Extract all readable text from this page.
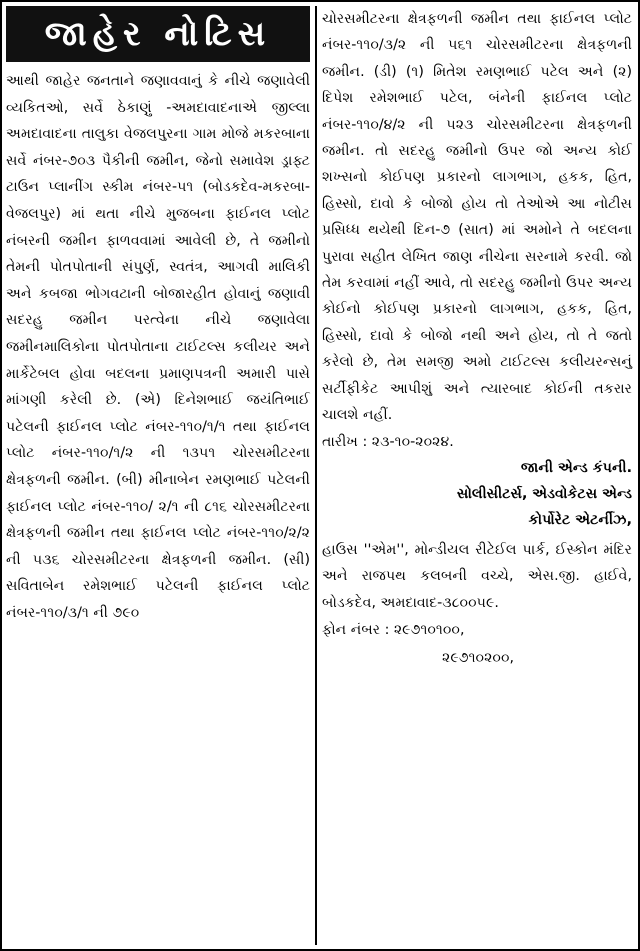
જાહેર નોટિસ

આથી જાહેર જનતાને જણાવવાનું કે નીચે જણાવેલી વ્યકિતઓ, સર્વે ઠેકાણું -અમદાવાદનાએ જીલ્લા અમદાવાદના તાલુકા વેજલપુરના ગામ મોજે મકરબાના સર્વે નંબર-૭૦૩ પૈકીની જમીન, જેનો સમાવેશ ડ્રાફ્ટ ટાઉન પ્લાનીંગ સ્કીમ નંબર-૫૧ (બોડકદેવ-મકરબા-વેજલપુર) માં થતા નીચે મુજબના ફાઈનલ પ્લોટ નંબરની જમીન ફાળવવામાં આવેલી છે, તે જમીનો તેમની પોતપોતાની સંપુર્ણ, સ્વતંત્ર, આગવી માલિકી અને કબજા ભોગવટાની બોજારહીત હોવાનું જણાવી સદરહુ જમીન પરત્વેના નીચે જણાવેલા જમીનમાલિકોના પોતપોતાના ટાઈટલ્સ કલીયર અને માર્કેટેબલ હોવા બદલના પ્રમાણપત્રની અમારી પાસે માંગણી કરેલી છે. (એ) દિનેશભાઈ જયંતિભાઈ પટેલની ફાઈનલ પ્લોટ નંબર-૧૧૦/૧/૧ તથા ફાઈનલ પ્લોટ નંબર-૧૧૦/૧/૨ ની ૧૩૫૧ ચોરસમીટરના ક્ષેત્રફળની જમીન. (બી) મીનાબેન રમણભાઈ પટેલની ફાઈનલ પ્લોટ નંબર-૧૧૦/ ૨/૧ ની ૮૧૬ ચોરસમીટરના ક્ષેત્રફળની જમીન તથા ફાઈનલ પ્લોટ નંબર-૧૧૦/૨/૨ ની ૫૩૬ ચોરસમીટરના ક્ષેત્રફળની જમીન. (સી) સવિતાબેન રમેશભાઈ પટેલની ફાઈનલ પ્લોટ નંબર-૧૧૦/૩/૧ ની ૭૯૦

ચોરસમીટરના ક્ષેત્રફળની જમીન તથા ફાઈનલ પ્લોટ નંબર-૧૧૦/૩/૨ ની ૫૬૧ ચોરસમીટરના ક્ષેત્રફળની જમીન. (ડી) (૧) મિતેશ રમણભાઈ પટેલ અને (૨) દિપેશ રમેશભાઈ પટેલ, બંનેની ફાઈનલ પ્લોટ નંબર-૧૧૦/૪/૨ ની ૫૨૩ ચોરસમીટરના ક્ષેત્રફળની જમીન. તો સદરહુ જમીનો ઉપર જો અન્ય કોઈ શખ્સનો કોઈપણ પ્રકારનો લાગભાગ, હકક, હિત, હિસ્સો, દાવો કે બોજો હોય તો તેઓએ આ નોટીસ પ્રસિધ્ધ થયેથી દિન-૭ (સાત) માં અમોને તે બદલના પુરાવા સહીત લેખિત જાણ નીચેના સરનામે કરવી. જો તેમ કરવામાં નહીં આવે, તો સદરહુ જમીનો ઉપર અન્ય કોઈનો કોઈપણ પ્રકારનો લાગભાગ, હકક, હિત, હિસ્સો, દાવો કે બોજો નથી અને હોય, તો તે જતો કરેલો છે, તેમ સમજી અમો ટાઈટલ્સ કલીયરન્સનું સર્ટીફીકેટ આપીશું અને ત્યારબાદ કોઈની તકરાર ચાલશે નહીં.

તારીખ : ૨૩-૧૦-૨૦૨૪.
જાની એન્ડ કંપની.
સોલીસીટર્સ, એડવોકેટસ એન્ડ
કોર્પોરેટ એટર્નીઝ,
હાઉસ ''એમ'', મોન્ડીયલ રીટેઈલ પાર્ક, ઈસ્કોન મંદિર અને રાજપથ કલબની વચ્ચે, એસ.જી. હાઈવે, બોડકદેવ, અમદાવાદ-૩૮૦૦૫૯.
ફોન નંબર : ૨૯૭૧૦૧૦૦,
૨૯૭૧૦૨૦૦,
